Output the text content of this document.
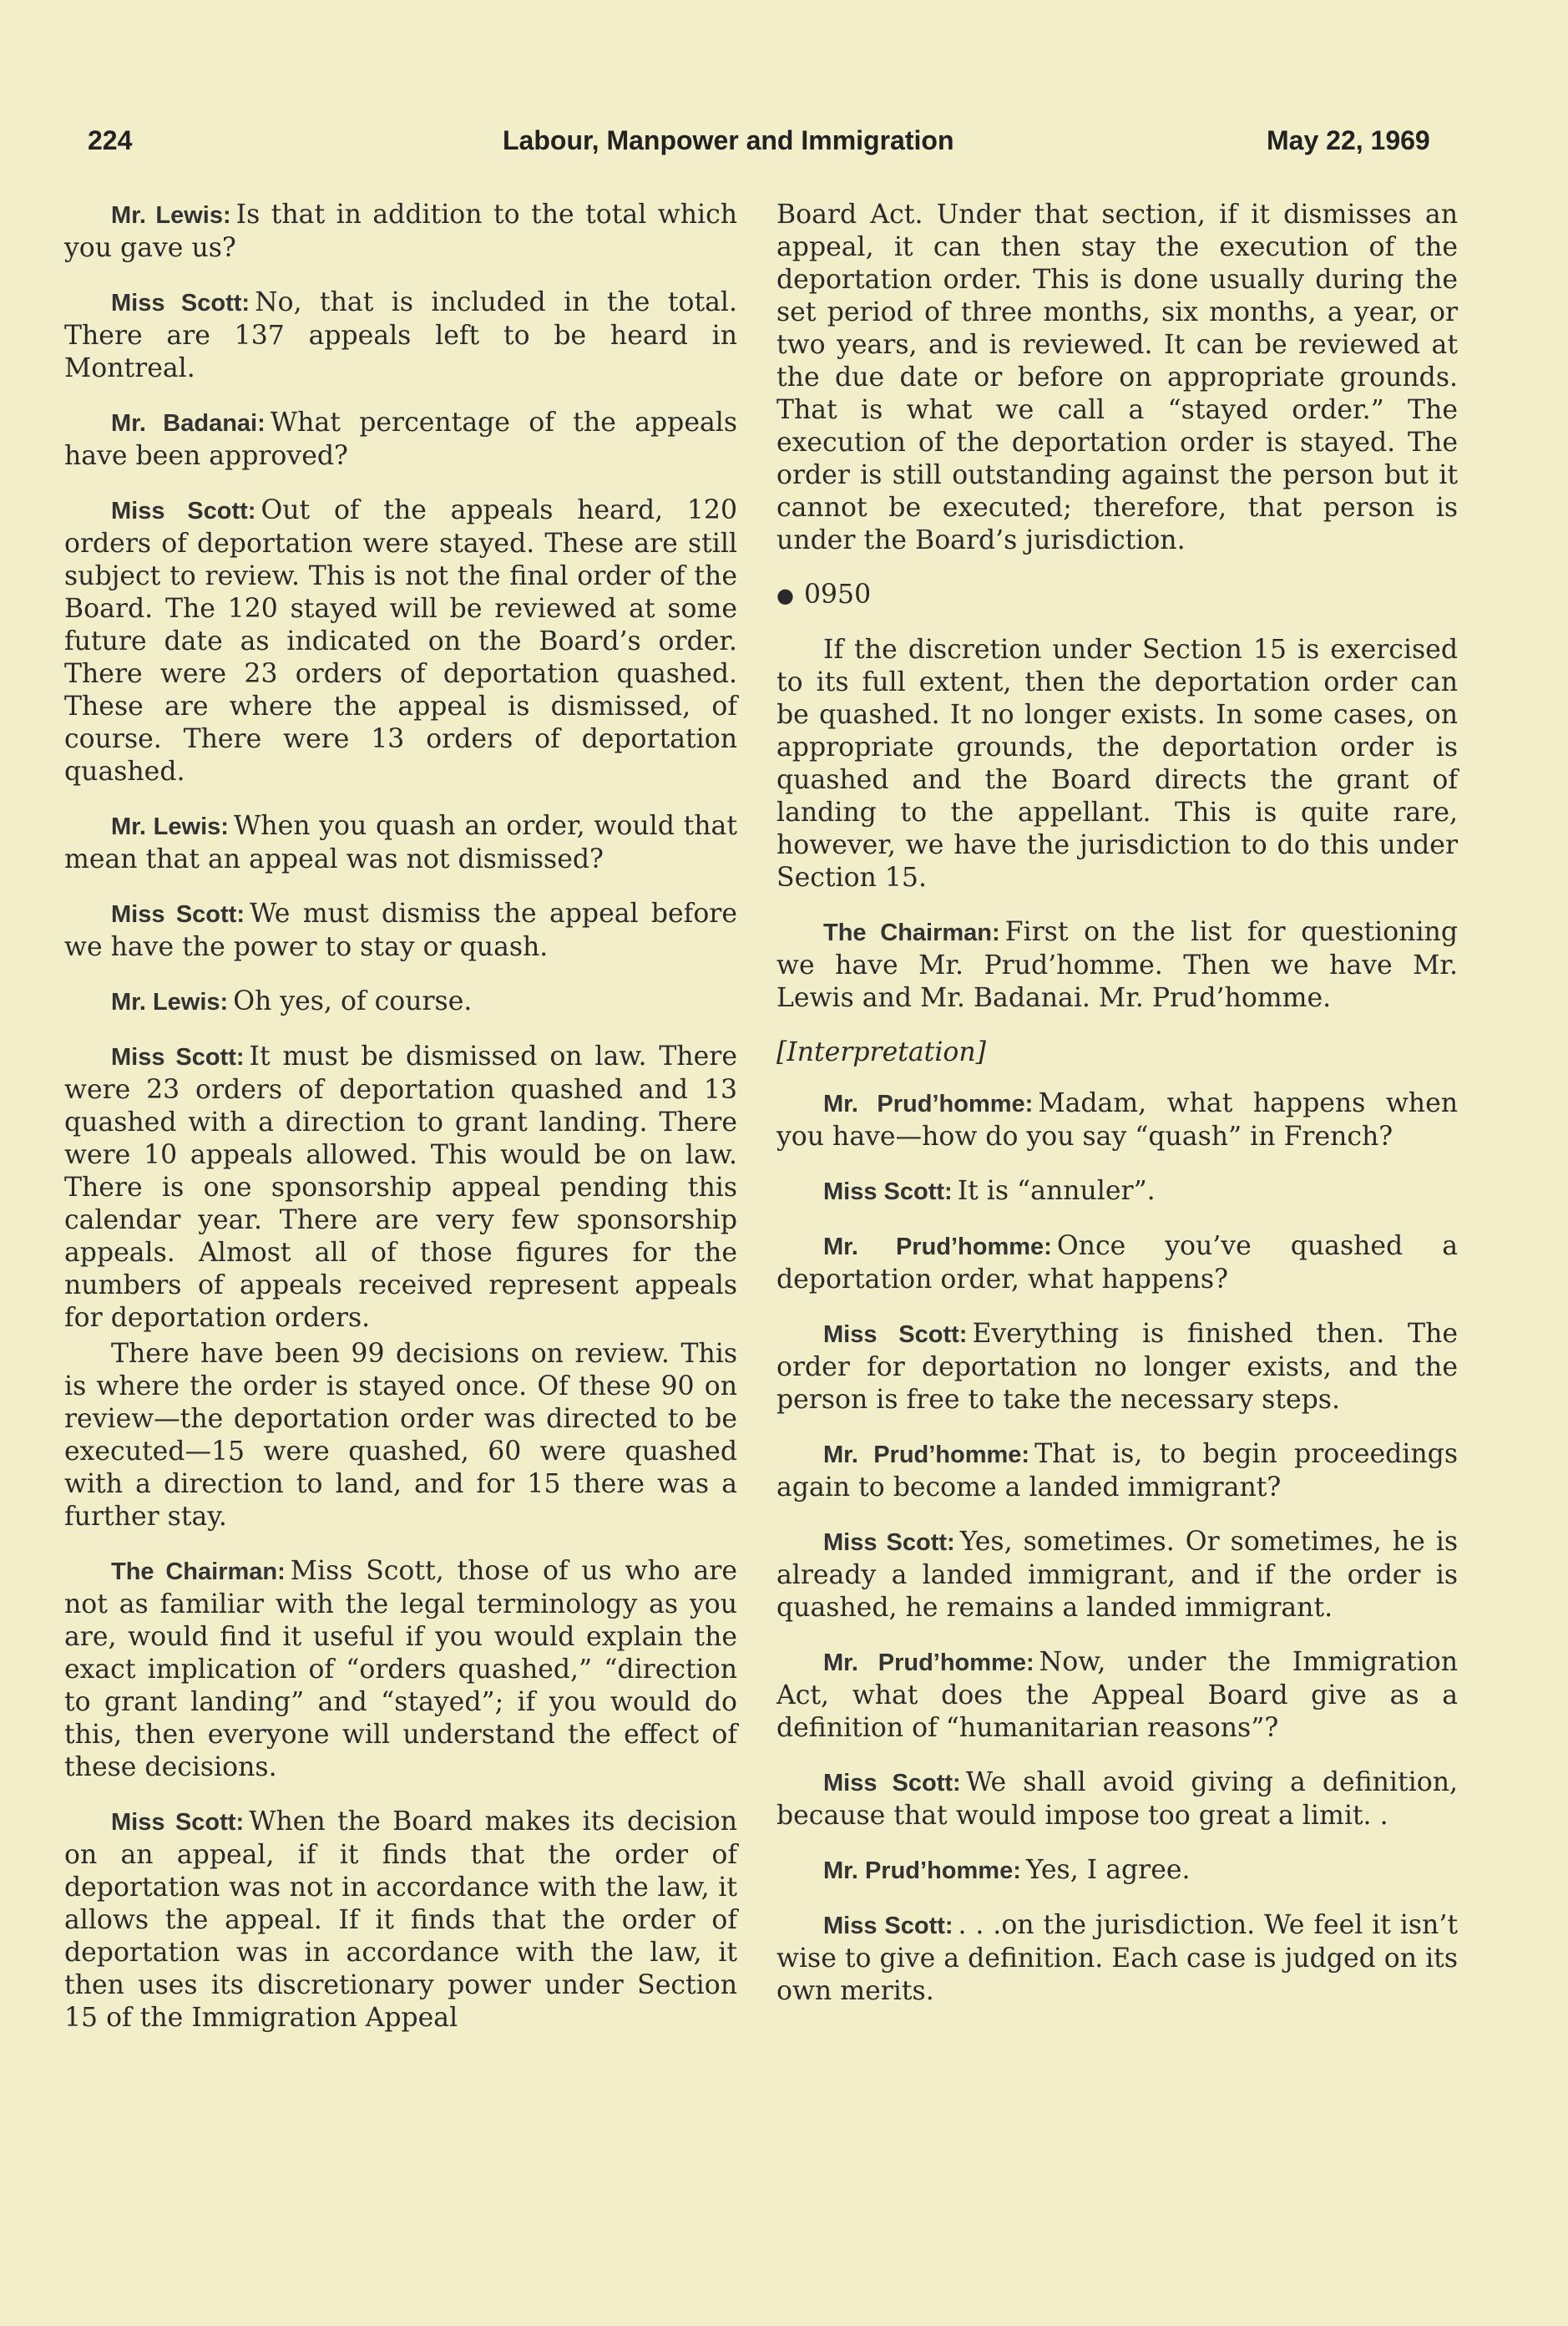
224	Labour, Manpower and Immigration	May 22, 1969

Mr. Lewis: Is that in addition to the total which you gave us?

Miss Scott: No, that is included in the total. There are 137 appeals left to be heard in Montreal.

Mr. Badanai: What percentage of the appeals have been approved?

Miss Scott: Out of the appeals heard, 120 orders of deportation were stayed. These are still subject to review. This is not the final order of the Board. The 120 stayed will be reviewed at some future date as indicated on the Board’s order. There were 23 orders of deportation quashed. These are where the appeal is dismissed, of course. There were 13 orders of deportation quashed.

Mr. Lewis: When you quash an order, would that mean that an appeal was not dismissed?

Miss Scott: We must dismiss the appeal before we have the power to stay or quash.

Mr. Lewis: Oh yes, of course.

Miss Scott: It must be dismissed on law. There were 23 orders of deportation quashed and 13 quashed with a direction to grant landing. There were 10 appeals allowed. This would be on law. There is one sponsorship appeal pending this calendar year. There are very few sponsorship appeals. Almost all of those figures for the numbers of appeals received represent appeals for deportation orders.

There have been 99 decisions on review. This is where the order is stayed once. Of these 90 on review—the deportation order was directed to be executed—15 were quashed, 60 were quashed with a direction to land, and for 15 there was a further stay.

The Chairman: Miss Scott, those of us who are not as familiar with the legal terminology as you are, would find it useful if you would explain the exact implication of “orders quashed,” “direction to grant landing” and “stayed”; if you would do this, then everyone will understand the effect of these decisions.

Miss Scott: When the Board makes its decision on an appeal, if it finds that the order of deportation was not in accordance with the law, it allows the appeal. If it finds that the order of deportation was in accordance with the law, it then uses its discretionary power under Section 15 of the Immigration Appeal

Board Act. Under that section, if it dismisses an appeal, it can then stay the execution of the deportation order. This is done usually during the set period of three months, six months, a year, or two years, and is reviewed. It can be reviewed at the due date or before on appropriate grounds. That is what we call a “stayed order.” The execution of the deportation order is stayed. The order is still outstanding against the person but it cannot be executed; therefore, that person is under the Board’s jurisdiction.

● 0950

If the discretion under Section 15 is exercised to its full extent, then the deportation order can be quashed. It no longer exists. In some cases, on appropriate grounds, the deportation order is quashed and the Board directs the grant of landing to the appellant. This is quite rare, however, we have the jurisdiction to do this under Section 15.

The Chairman: First on the list for questioning we have Mr. Prud’homme. Then we have Mr. Lewis and Mr. Badanai. Mr. Prud’homme.

[Interpretation]

Mr. Prud’homme: Madam, what happens when you have—how do you say “quash” in French?

Miss Scott: It is “annuler”.

Mr. Prud’homme: Once you’ve quashed a deportation order, what happens?

Miss Scott: Everything is finished then. The order for deportation no longer exists, and the person is free to take the necessary steps.

Mr. Prud’homme: That is, to begin proceedings again to become a landed immigrant?

Miss Scott: Yes, sometimes. Or sometimes, he is already a landed immigrant, and if the order is quashed, he remains a landed immigrant.

Mr. Prud’homme: Now, under the Immigration Act, what does the Appeal Board give as a definition of “humanitarian reasons”?

Miss Scott: We shall avoid giving a definition, because that would impose too great a limit. .

Mr. Prud’homme: Yes, I agree.

Miss Scott: . . .on the jurisdiction. We feel it isn’t wise to give a definition. Each case is judged on its own merits.
